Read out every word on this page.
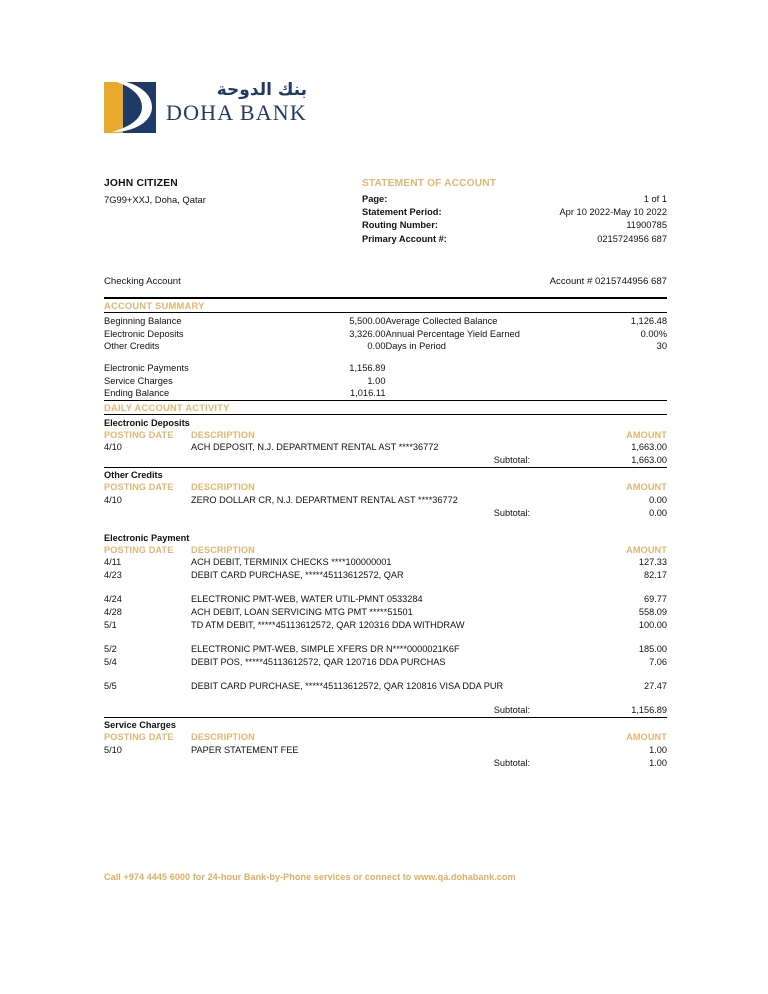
بنك الدوحة
DOHA BANK
JOHN CITIZEN
7G99+XXJ, Doha, Qatar
STATEMENT OF ACCOUNT
Page:	1 of 1
Statement Period:	Apr 10 2022-May 10 2022
Routing Number:	11900785
Primary Account #:	0215724956 687
Checking Account	Account # 0215744956 687
ACCOUNT SUMMARY
Beginning Balance	5,500.00 Average Collected Balance	1,126.48
Electronic Deposits	3,326.00 Annual Percentage Yield Earned	0.00%
Other Credits	0.00 Days in Period	30
Electronic Payments	1,156.89
Service Charges	1.00
Ending Balance	1,016.11
DAILY ACCOUNT ACTIVITY
Electronic Deposits
POSTING DATE	DESCRIPTION	AMOUNT
4/10	ACH DEPOSIT, N.J. DEPARTMENT RENTAL AST ****36772	1,663.00
Subtotal:	1,663.00
Other Credits
POSTING DATE	DESCRIPTION	AMOUNT
4/10	ZERO DOLLAR CR, N.J. DEPARTMENT RENTAL AST ****36772	0.00
Subtotal:	0.00
Electronic Payment
POSTING DATE	DESCRIPTION	AMOUNT
4/11	ACH DEBIT, TERMINIX CHECKS ****100000001	127.33
4/23	DEBIT CARD PURCHASE, *****45113612572, QAR	82.17
4/24	ELECTRONIC PMT-WEB, WATER UTIL-PMNT 0533284	69.77
4/28	ACH DEBIT, LOAN SERVICING MTG PMT *****51501	558.09
5/1	TD ATM DEBIT, *****45113612572, QAR 120316 DDA WITHDRAW	100.00
5/2	ELECTRONIC PMT-WEB, SIMPLE XFERS DR N****0000021K6F	185.00
5/4	DEBIT POS, *****45113612572, QAR 120716 DDA PURCHAS	7.06
5/5	DEBIT CARD PURCHASE, *****45113612572, QAR 120816 VISA DDA PUR	27.47
Subtotal:	1,156.89
Service Charges
POSTING DATE	DESCRIPTION	AMOUNT
5/10	PAPER STATEMENT FEE	1.00
Subtotal:	1.00
Call +974 4445 6000 for 24-hour Bank-by-Phone services or connect to www.qa.dohabank.com
